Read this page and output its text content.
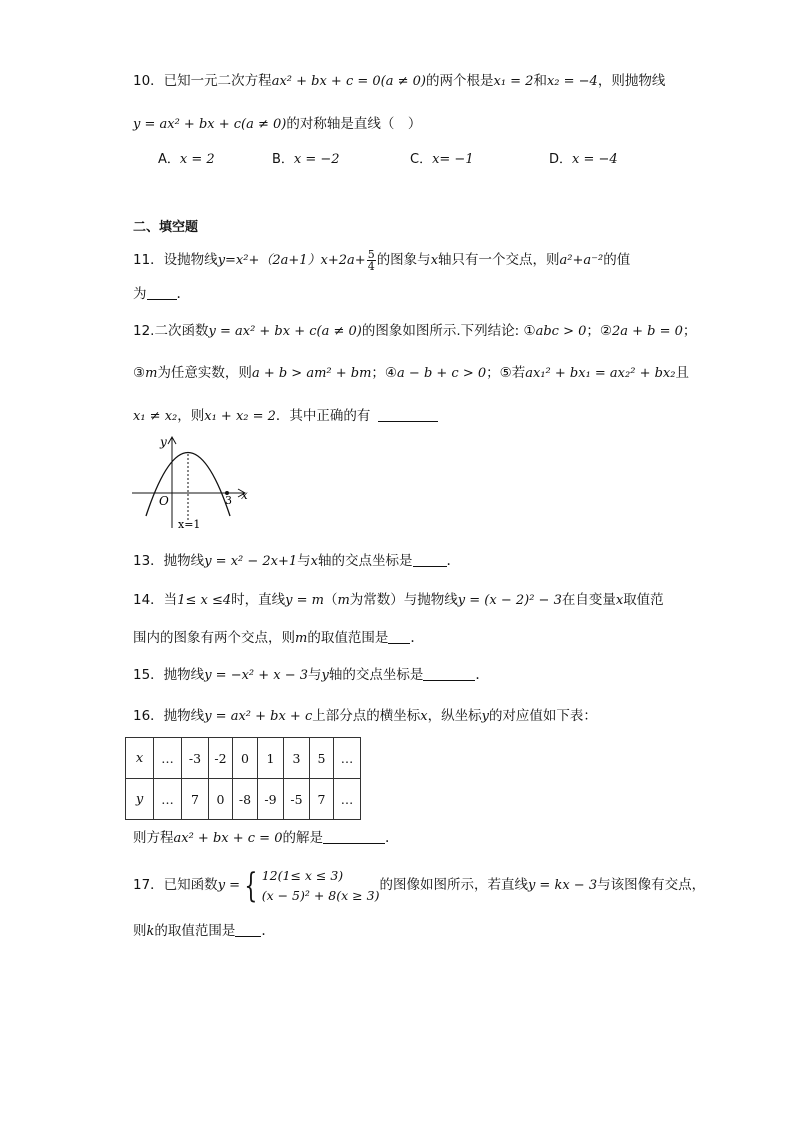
10．已知一元二次方程ax² + bx + c = 0(a ≠ 0)的两个根是x₁ = 2和x₂ = −4，则抛物线
y = ax² + bx + c(a ≠ 0)的对称轴是直线（　）
A．x = 2	B．x = −2	C．x= −1	D．x = −4
二、填空题
11．设抛物线$y=x^2+(2a+1)x+2a+ \frac{5}{4}$ 的图象与x轴只有一个交点，则a²+a⁻²的值
为 .
12.二次函数y = ax² + bx + c(a ≠ 0)的图象如图所示.下列结论: ①abc > 0；②2a + b = 0；
③m为任意实数，则a + b > am² + bm；④a − b + c > 0；⑤若ax₁² + bx₁ = ax₂² + bx₂且
x₁ ≠ x₂，则x₁ + x₂ = 2．其中正确的有
y
x
O	3
x=1
13．抛物线y = x² − 2x+1与x轴的交点坐标是	.
14．当1≤ x ≤4时，直线y = m（m为常数）与抛物线y = (x − 2)² − 3在自变量x取值范
围内的图象有两个交点，则m的取值范围是 .
15．抛物线y = −x² + x − 3与y轴的交点坐标是	.
16．抛物线y = ax² + bx + c上部分点的横坐标x，纵坐标y的对应值如下表：
x	…	-3	-2	0	1	3	5	…
y	…	7	0	-8	-9	-5	7	…
则方程ax² + bx + c = 0的解是	.
17．已知函数y = { 12(1≤ x ≤ 3)
(x − 5)² + 8(x ≥ 3)
的图像如图所示，若直线y = kx − 3与该图像有交点，
则k的取值范围是 .
